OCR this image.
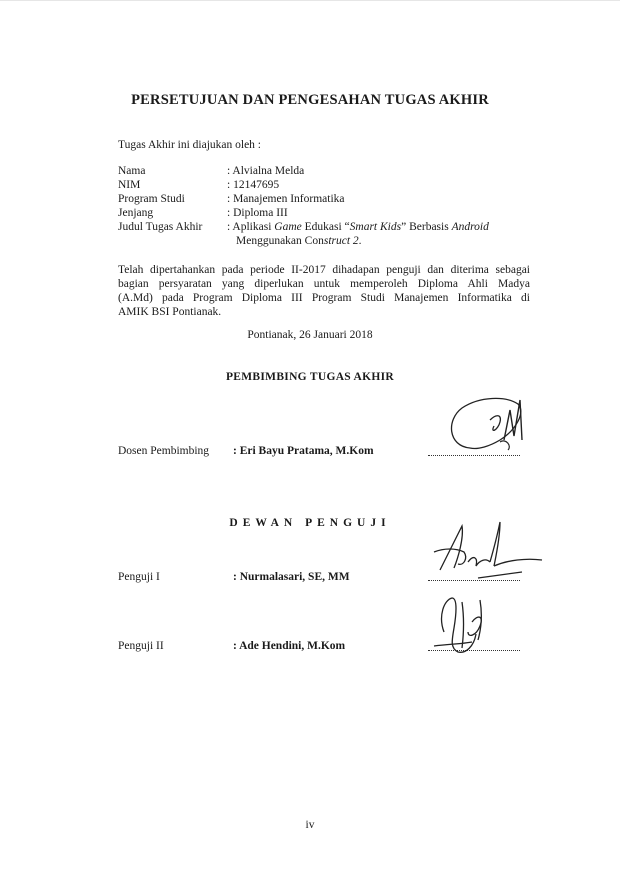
PERSETUJUAN DAN PENGESAHAN TUGAS AKHIR
Tugas Akhir ini diajukan oleh :
Nama	: Alvialna Melda
NIM	: 12147695
Program Studi	: Manajemen Informatika
Jenjang	: Diploma III
Judul Tugas Akhir : Aplikasi Game Edukasi “Smart Kids” Berbasis Android
Menggunakan Construct 2.
Telah dipertahankan pada periode II-2017 dihadapan penguji dan diterima sebagai
bagian persyaratan yang diperlukan untuk memperoleh Diploma Ahli Madya
(A.Md) pada Program Diploma III Program Studi Manajemen Informatika di
AMIK BSI Pontianak.
Pontianak, 26 Januari 2018
PEMBIMBING TUGAS AKHIR
Dosen Pembimbing : Eri Bayu Pratama, M.Kom
DEWAN PENGUJI
Penguji I	: Nurmalasari, SE, MM
Penguji II	: Ade Hendini, M.Kom
iv
